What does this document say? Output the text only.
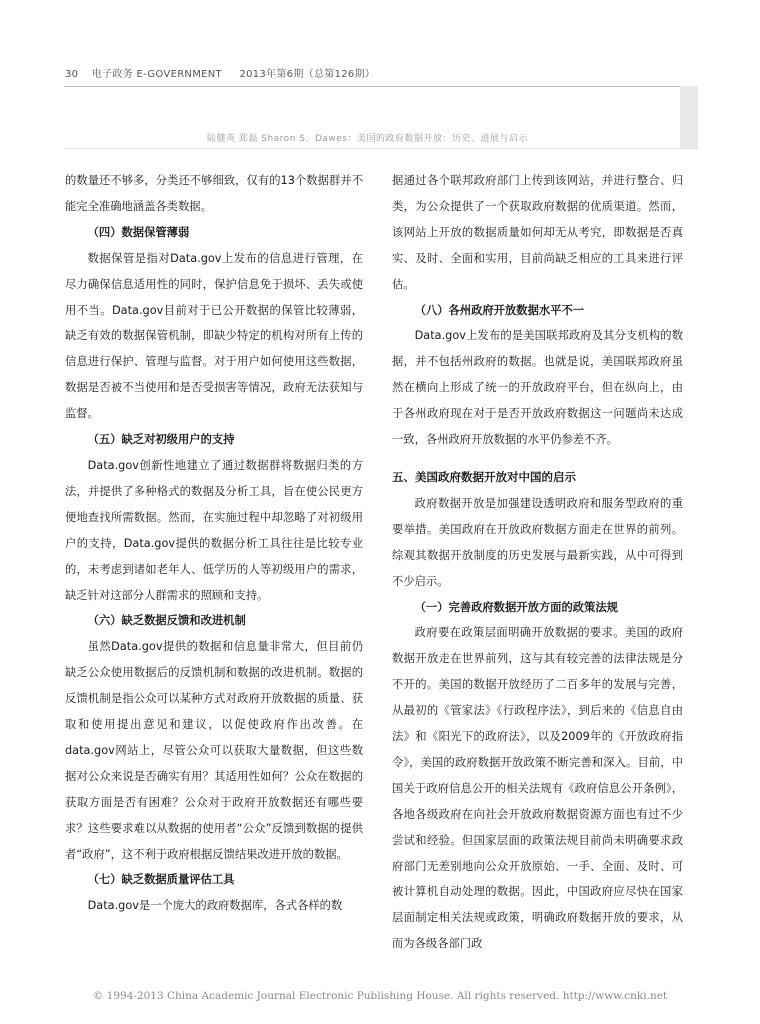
30 电子政务 E-GOVERNMENT 2013年第6期（总第126期）
陆健英 郑磊 Sharon S．Dawes：美国的政府数据开放：历史、进展与启示

的数量还不够多，分类还不够细致，仅有的13个数据群并不能完全准确地涵盖各类数据。

（四）数据保管薄弱

数据保管是指对Data.gov上发布的信息进行管理，在尽力确保信息适用性的同时，保护信息免于损坏、丢失或使用不当。Data.gov目前对于已公开数据的保管比较薄弱，缺乏有效的数据保管机制，即缺少特定的机构对所有上传的信息进行保护、管理与监督。对于用户如何使用这些数据，数据是否被不当使用和是否受损害等情况，政府无法获知与监督。

（五）缺乏对初级用户的支持

Data.gov创新性地建立了通过数据群将数据归类的方法，并提供了多种格式的数据及分析工具，旨在使公民更方便地查找所需数据。然而，在实施过程中却忽略了对初级用户的支持，Data.gov提供的数据分析工具往往是比较专业的，未考虑到诸如老年人、低学历的人等初级用户的需求，缺乏针对这部分人群需求的照顾和支持。

（六）缺乏数据反馈和改进机制

虽然Data.gov提供的数据和信息量非常大，但目前仍缺乏公众使用数据后的反馈机制和数据的改进机制。数据的反馈机制是指公众可以某种方式对政府开放数据的质量、获取和使用提出意见和建议，以促使政府作出改善。在data.gov网站上，尽管公众可以获取大量数据，但这些数据对公众来说是否确实有用？其适用性如何？公众在数据的获取方面是否有困难？公众对于政府开放数据还有哪些要求？这些要求难以从数据的使用者“公众”反馈到数据的提供者“政府”，这不利于政府根据反馈结果改进开放的数据。

（七）缺乏数据质量评估工具

Data.gov是一个庞大的政府数据库，各式各样的数

据通过各个联邦政府部门上传到该网站，并进行整合、归类，为公众提供了一个获取政府数据的优质渠道。然而，该网站上开放的数据质量如何却无从考究，即数据是否真实、及时、全面和实用，目前尚缺乏相应的工具来进行评估。

（八）各州政府开放数据水平不一

Data.gov上发布的是美国联邦政府及其分支机构的数据，并不包括州政府的数据。也就是说，美国联邦政府虽然在横向上形成了统一的开放政府平台，但在纵向上，由于各州政府现在对于是否开放政府数据这一问题尚未达成一致，各州政府开放数据的水平仍参差不齐。

五、美国政府数据开放对中国的启示

政府数据开放是加强建设透明政府和服务型政府的重要举措。美国政府在开放政府数据方面走在世界的前列。综观其数据开放制度的历史发展与最新实践，从中可得到不少启示。

（一）完善政府数据开放方面的政策法规

政府要在政策层面明确开放数据的要求。美国的政府数据开放走在世界前列，这与其有较完善的法律法规是分不开的。美国的数据开放经历了二百多年的发展与完善，从最初的《管家法》《行政程序法》，到后来的《信息自由法》和《阳光下的政府法》，以及2009年的《开放政府指令》，美国的政府数据开放政策不断完善和深入。目前，中国关于政府信息公开的相关法规有《政府信息公开条例》，各地各级政府在向社会开放政府数据资源方面也有过不少尝试和经验。但国家层面的政策法规目前尚未明确要求政府部门无差别地向公众开放原始、一手、全面、及时、可被计算机自动处理的数据。因此，中国政府应尽快在国家层面制定相关法规或政策，明确政府数据开放的要求，从而为各级各部门政

© 1994-2013 China Academic Journal Electronic Publishing House. All rights reserved. http://www.cnki.net
